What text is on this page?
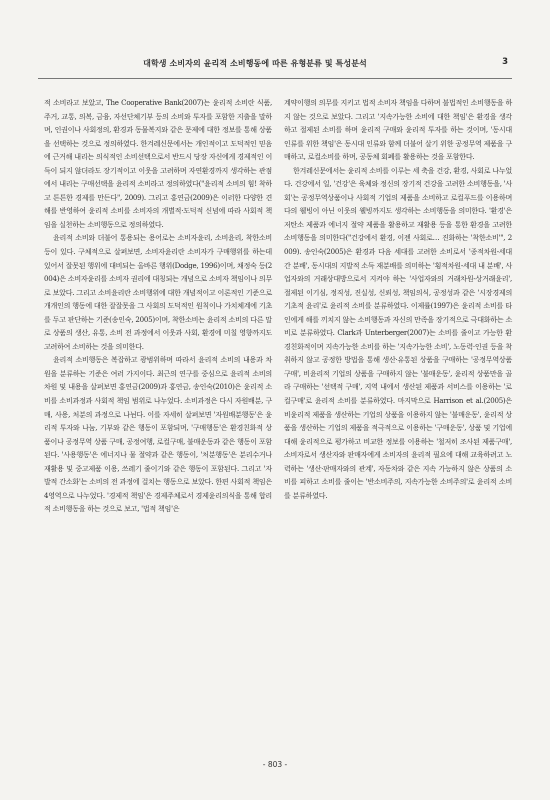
대학생 소비자의 윤리적 소비행동에 따른 유형분류 및 특성분석	3

적 소비라고 보았고, The Cooperative Bank(2007)는 윤리적 소비란 식품, 주거, 교통, 의복, 금융, 자선단체기부 등의 소비와 투자를 포함한 지출을 말하며, 인권이나 사회정의, 환경과 동물복지와 같은 문제에 대한 정보를 통해 상품을 선택하는 것으로 정의하였다. 한겨레신문에서는 개인적이고 도덕적인 믿음에 근거해 내리는 의식적인 소비선택으로서 반드시 당장 자신에게 경제적인 이득이 되지 않더라도 장기적이고 이웃을 고려하며 자연환경까지 생각하는 관점에서 내리는 구매선택을 윤리적 소비라고 정의하였다("윤리적 소비의 힘! 착하고 튼튼한 경제를 만든다", 2009). 그리고 홍연금(2009)은 이러한 다양한 견해를 반영하여 윤리적 소비를 소비자의 개별적·도덕적 신념에 따라 사회적 책임을 실천하는 소비행동으로 정의하였다.

윤리적 소비와 더불어 통용되는 용어로는 소비자윤리, 소비윤리, 착한소비 등이 있다. 구체적으로 살펴보면, 소비자윤리란 소비자가 구매행위를 하는데 있어서 잘못된 행위에 대비되는 올바른 행위(Dodge, 1996)이며, 채정숙 등(2004)은 소비자윤리를 소비자 권리에 대칭되는 개념으로 소비자 책임이나 의무로 보았다. 그리고 소비윤리란 소비행위에 대한 개념적이고 이론적인 기준으로 개개인의 행동에 대한 잘잘못을 그 사회의 도덕적인 원칙이나 가치체계에 기초를 두고 판단하는 기준(송인숙, 2005)이며, 착한소비는 윤리적 소비의 다른 말로 상품의 생산, 유통, 소비 전 과정에서 이웃과 사회, 환경에 미칠 영향까지도 고려하여 소비하는 것을 의미한다.

윤리적 소비행동은 복잡하고 광범위하며 따라서 윤리적 소비의 내용과 차원을 분류하는 기준은 여러 가지이다. 최근의 연구를 중심으로 윤리적 소비의 차원 및 내용을 살펴보면 홍연금(2009)과 홍연금, 송인숙(2010)은 윤리적 소비를 소비과정과 사회적 책임 범위로 나누었다. 소비과정은 다시 자원배분, 구매, 사용, 처분의 과정으로 나뉜다. 이를 자세히 살펴보면 '자원배분행동'은 윤리적 투자와 나눔, 기부와 같은 행동이 포함되며, '구매행동'은 환경친화적 상품이나 공정무역 상품 구매, 공정여행, 로컬구매, 불매운동과 같은 행동이 포함된다. '사용행동'은 에너지나 물 절약과 같은 행동이, '처분행동'은 분리수거나 재활용 및 중고제품 이용, 쓰레기 줄이기와 같은 행동이 포함된다. 그리고 '자발적 간소화'는 소비의 전 과정에 걸치는 행동으로 보았다. 한편 사회적 책임은 4영역으로 나누었다. '경제적 책임'은 경제주체로서 경제윤리의식을 통해 합리적 소비행동을 하는 것으로 보고, '법적 책임'은

계약이행의 의무를 지키고 법적 소비자 책임을 다하며 불법적인 소비행동을 하지 않는 것으로 보았다. 그리고 '지속가능한 소비에 대한 책임'은 환경을 생각하고 절제된 소비를 하며 윤리적 구매와 윤리적 투자를 하는 것이며, '동시대 인류를 위한 책임'은 동시대 인류와 함께 더불어 살기 위한 공정무역 제품을 구매하고, 로컬소비를 하며, 공동체 회폐를 활용하는 것을 포함한다.

한겨레신문에서는 윤리적 소비를 이루는 세 축을 건강, 환경, 사회로 나누었다. 건강에서 일, '건강'은 육체와 정신의 장기적 건강을 고려한 소비행동을, '사회'는 공정무역상품이나 사회적 기업의 제품을 소비하고 로컬푸드를 이용하며 다의 웰빙이 아닌 이웃의 웰빙까지도 생각하는 소비행동을 의미한다. '환경'은 저탄소 제품과 에너지 절약 제품을 활용하고 재활용 등을 통한 환경을 고려한 소비행동을 의미한다("건강에서 환경, 이젠 사회로… 진화하는 '착한소비'", 2009). 송인숙(2005)은 환경과 다음 세대를 고려한 소비로서 '종적차원-세대 간 분배', 동시대의 지발적 소득 재분배를 의미하는 '횡적차원-세대 내 분배', 사업자와의 거래상대방으로서 지켜야 하는 '사업자와의 거래차원-상거래윤리', 절제된 이기심, 정직성, 진실성, 신뢰성, 책임의식, 공정성과 같은 '시장경제의 기초적 윤리'로 윤리적 소비를 분류하였다. 이제률(1997)은 윤리적 소비를 타인에게 해를 끼치지 않는 소비행동과 자신의 만족을 장기적으로 극대화하는 소비로 분류하였다. Clark과 Unterberger(2007)는 소비를 줄이고 가능한 환경친화적이며 지속가능한 소비를 하는 '지속가능한 소비', 노동력·인권 등을 착취하지 않고 공정한 방법을 통해 생산·유통된 상품을 구매하는 '공정무역상품 구매', 비윤리적 기업의 상품을 구매하지 않는 '불매운동', 윤리적 상품만을 골라 구매하는 '선택적 구매', 지역 내에서 생산된 제품과 서비스를 이용하는 '로컬구매'로 윤리적 소비를 분류하였다. 마지막으로 Harrison et al.(2005)은 비윤리적 제품을 생산하는 기업의 상품을 이용하지 않는 '불매운동', 윤리적 상품을 생산하는 기업의 제품을 적극적으로 이용하는 '구매운동', 상품 및 기업에 대해 윤리적으로 평가하고 비교한 정보를 이용하는 '철저히 조사된 제품구매', 소비자로서 생산자와 판매자에게 소비자의 윤리적 필요에 대해 교육하려고 노력하는 '생산·판매자와의 관계', 자동차와 같은 지속 가능하지 않은 상품의 소비를 피하고 소비를 줄이는 '반소비주의, 지속가능한 소비주의'로 윤리적 소비를 분류하였다.

- 803 -
